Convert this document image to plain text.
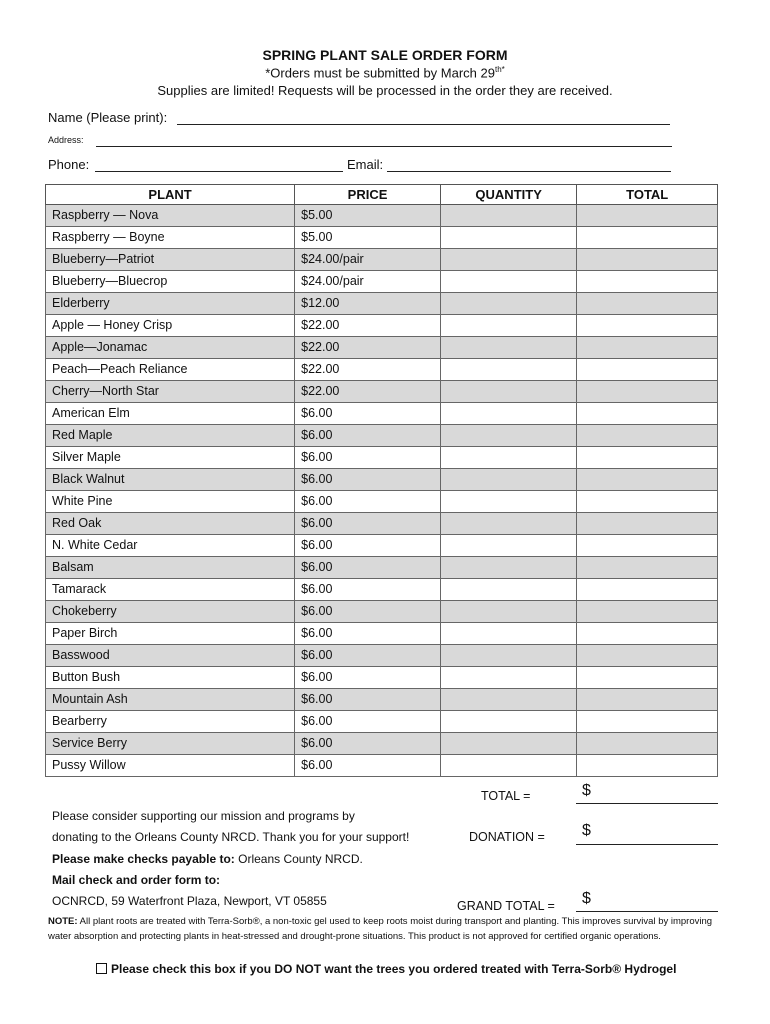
SPRING PLANT SALE ORDER FORM
*Orders must be submitted by March $29^{th*}$
Supplies are limited! Requests will be processed in the order they are received.
Name (Please print):
Address:
Phone:	Email:
PLANT	PRICE	QUANTITY	TOTAL
Raspberry — Nova	$5.00		
Raspberry — Boyne	$5.00		
Blueberry—Patriot	$24.00/pair		
Blueberry—Bluecrop	$24.00/pair		
Elderberry	$12.00		
Apple — Honey Crisp	$22.00		
Apple—Jonamac	$22.00		
Peach—Peach Reliance	$22.00		
Cherry—North Star	$22.00		
American Elm	$6.00		
Red Maple	$6.00		
Silver Maple	$6.00		
Black Walnut	$6.00		
White Pine	$6.00		
Red Oak	$6.00		
N. White Cedar	$6.00		
Balsam	$6.00		
Tamarack	$6.00		
Chokeberry	$6.00		
Paper Birch	$6.00		
Basswood	$6.00		
Button Bush	$6.00		
Mountain Ash	$6.00		
Bearberry	$6.00		
Service Berry	$6.00		
Pussy Willow	$6.00		
TOTAL =	$
Please consider supporting our mission and programs by
donating to the Orleans County NRCD. Thank you for your support!	DONATION = $
Please make checks payable to: Orleans County NRCD.
Mail check and order form to:
OCNRCD, 59 Waterfront Plaza, Newport, VT 05855	GRAND TOTAL = $
NOTE: All plant roots are treated with Terra-Sorb®, a non-toxic gel used to keep roots moist during transport and planting. This improves survival by improving water absorption and protecting plants in heat-stressed and drought-prone situations. This product is not approved for certified organic operations.
Please check this box if you DO NOT want the trees you ordered treated with Terra-Sorb® Hydrogel
